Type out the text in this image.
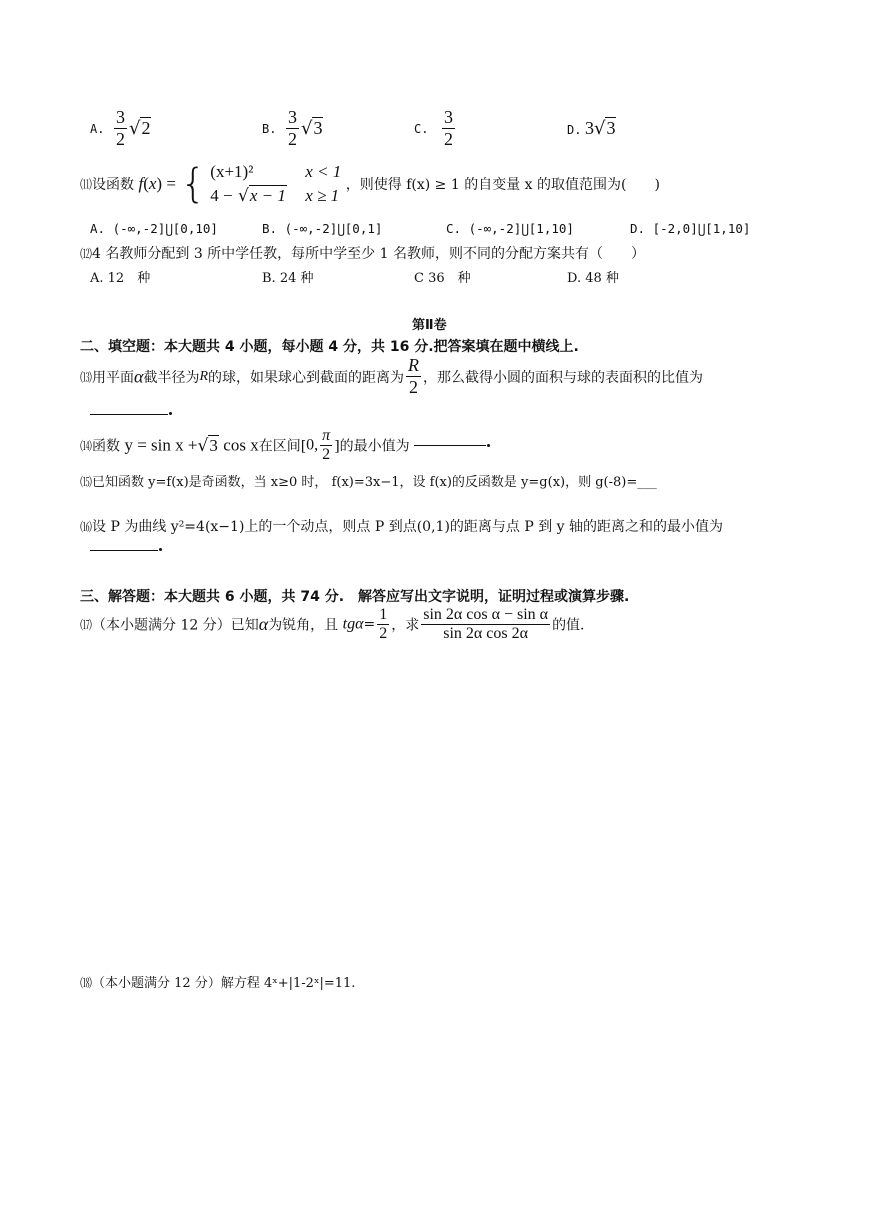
A. $\frac{3}{2} √2$	B. $\frac{3}{2} √3$	C. $\frac{3}{2}$	D. 3√3
⑾设函数 f(x) = { (x+1)²	x < 1
4 − √x − 1 x ≥ 1
，则使得 f(x) ≥ 1 的自变量 x 的取值范围为(　　)
A. (-∞,-2]⋃[0,10]	B. (-∞,-2]⋃[0,1]	C. (-∞,-2]⋃[1,10]	D. [-2,0]⋃[1,10]
⑿4 名教师分配到 3 所中学任教，每所中学至少 1 名教师，则不同的分配方案共有（　　）
A. 12　种	B. 24 种	C 36　种	D. 48 种
第Ⅱ卷
二、填空题：本大题共 4 小题，每小题 4 分，共 16 分.把答案填在题中横线上.
⒀用平面α截半径为R的球，如果球心到截面的距离为 $\frac{R}{2}$ ，那么截得小圆的面积与球的表面积的比值为
⒁函数 y = sin x +√3 cos x在区间[0, $\frac{\pi}{2}$ ]的最小值为
⒂已知函数 y=f(x)是奇函数，当 x≥0 时， f(x)=3x−1，设 f(x)的反函数是 y=g(x)，则 g(-8)=___
⒃设 P 为曲线 y²=4(x−1)上的一个动点，则点 P 到点(0,1)的距离与点 P 到 y 轴的距离之和的最小值为
三、解答题：本大题共 6 小题，共 74 分.　解答应写出文字说明，证明过程或演算步骤.
⒄（本小题满分 12 分）已知α为锐角，且 $tg\alpha= \frac{1}{2}$ ，求 $\frac{\text{sin 2α cos α − sin α}}{\text{sin 2α cos 2α}}$ 的值.
⒅（本小题满分 12 分）解方程 4ˣ+|1-2ˣ|=11.
